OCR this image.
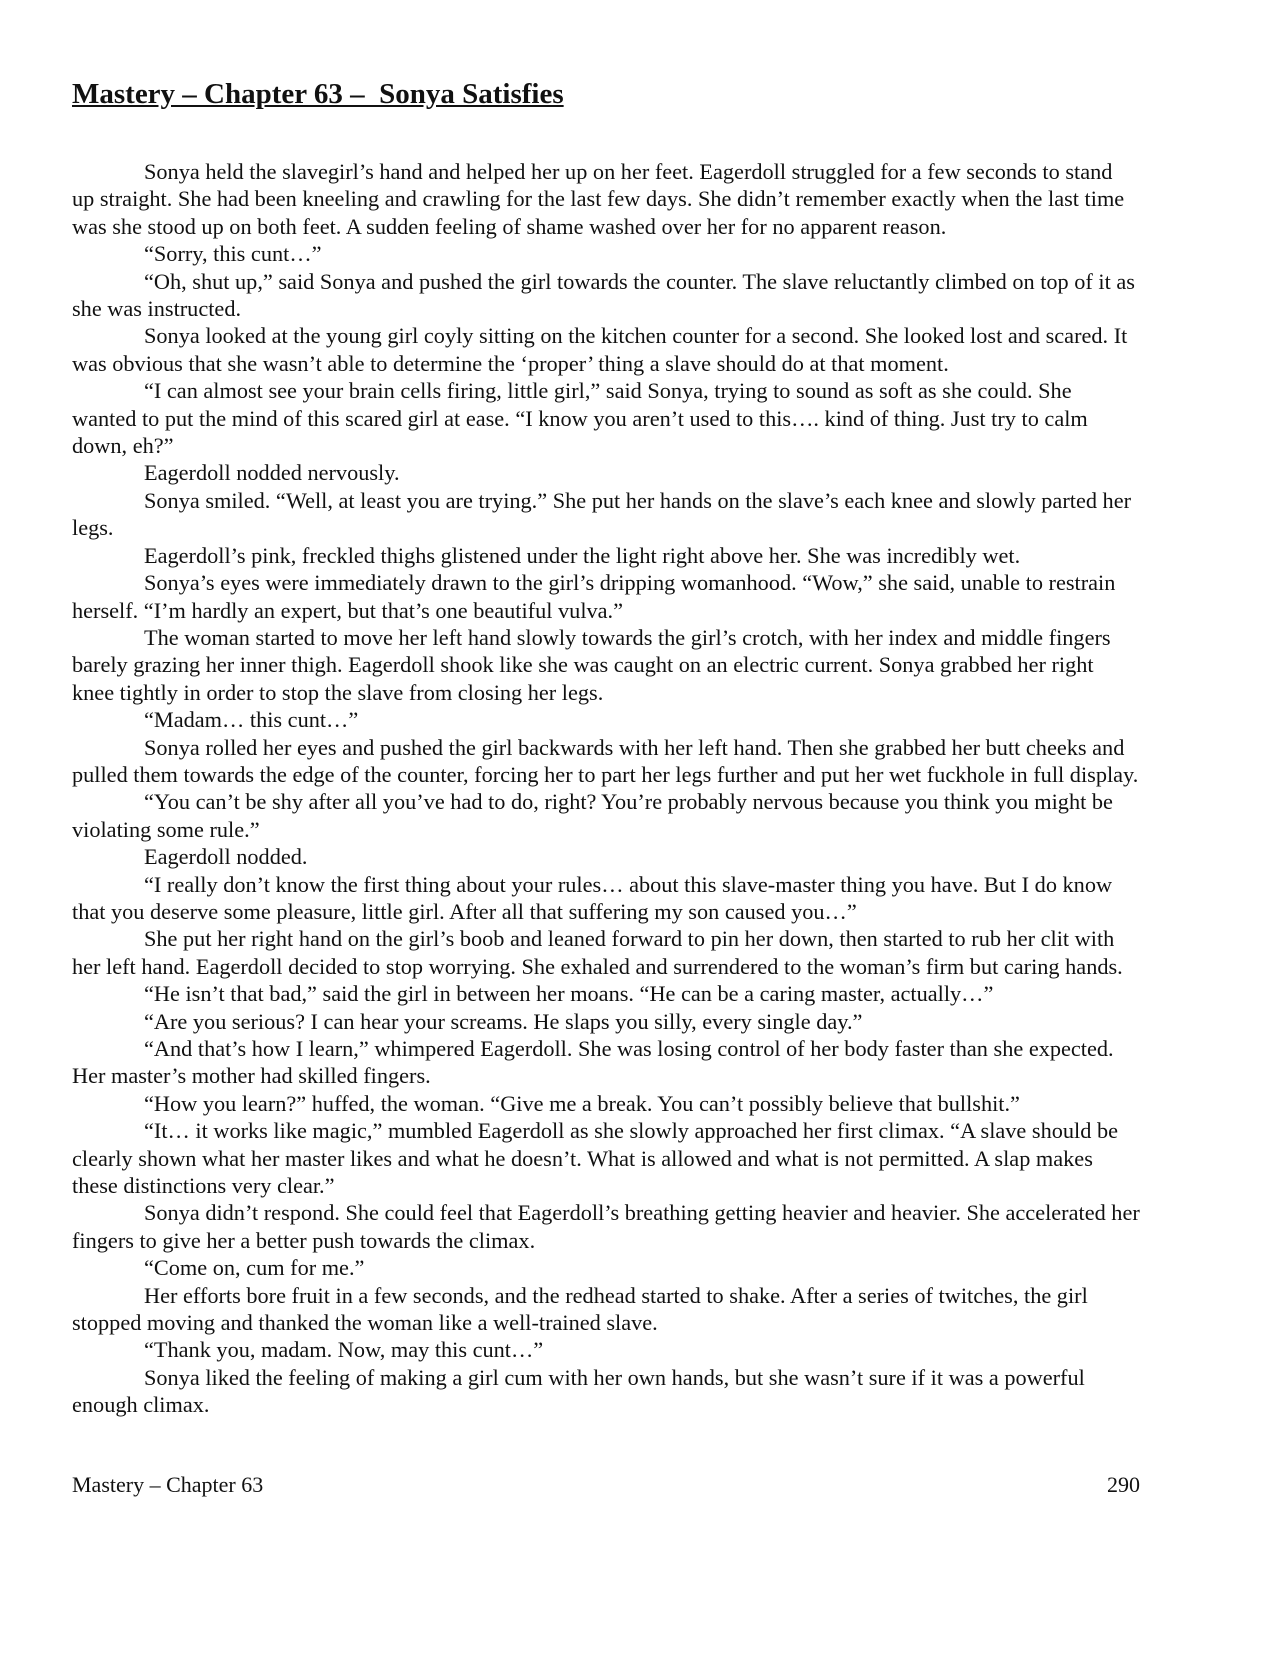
Mastery – Chapter 63 –  Sonya Satisfies

Sonya held the slavegirl’s hand and helped her up on her feet. Eagerdoll struggled for a few seconds to stand up straight. She had been kneeling and crawling for the last few days. She didn’t remember exactly when the last time was she stood up on both feet. A sudden feeling of shame washed over her for no apparent reason.

“Sorry, this cunt…”

“Oh, shut up,” said Sonya and pushed the girl towards the counter. The slave reluctantly climbed on top of it as she was instructed.

Sonya looked at the young girl coyly sitting on the kitchen counter for a second. She looked lost and scared. It was obvious that she wasn’t able to determine the ‘proper’ thing a slave should do at that moment.

“I can almost see your brain cells firing, little girl,” said Sonya, trying to sound as soft as she could. She wanted to put the mind of this scared girl at ease. “I know you aren’t used to this…. kind of thing. Just try to calm down, eh?”

Eagerdoll nodded nervously.

Sonya smiled. “Well, at least you are trying.” She put her hands on the slave’s each knee and slowly parted her legs.

Eagerdoll’s pink, freckled thighs glistened under the light right above her. She was incredibly wet.

Sonya’s eyes were immediately drawn to the girl’s dripping womanhood. “Wow,” she said, unable to restrain herself. “I’m hardly an expert, but that’s one beautiful vulva.”

The woman started to move her left hand slowly towards the girl’s crotch, with her index and middle fingers barely grazing her inner thigh. Eagerdoll shook like she was caught on an electric current. Sonya grabbed her right knee tightly in order to stop the slave from closing her legs.

“Madam… this cunt…”

Sonya rolled her eyes and pushed the girl backwards with her left hand. Then she grabbed her butt cheeks and pulled them towards the edge of the counter, forcing her to part her legs further and put her wet fuckhole in full display.

“You can’t be shy after all you’ve had to do, right? You’re probably nervous because you think you might be violating some rule.”

Eagerdoll nodded.

“I really don’t know the first thing about your rules… about this slave-master thing you have. But I do know that you deserve some pleasure, little girl. After all that suffering my son caused you…”

She put her right hand on the girl’s boob and leaned forward to pin her down, then started to rub her clit with her left hand. Eagerdoll decided to stop worrying. She exhaled and surrendered to the woman’s firm but caring hands.

“He isn’t that bad,” said the girl in between her moans. “He can be a caring master, actually…”

“Are you serious? I can hear your screams. He slaps you silly, every single day.”

“And that’s how I learn,” whimpered Eagerdoll. She was losing control of her body faster than she expected. Her master’s mother had skilled fingers.

“How you learn?” huffed, the woman. “Give me a break. You can’t possibly believe that bullshit.”

“It… it works like magic,” mumbled Eagerdoll as she slowly approached her first climax. “A slave should be clearly shown what her master likes and what he doesn’t. What is allowed and what is not permitted. A slap makes these distinctions very clear.”

Sonya didn’t respond. She could feel that Eagerdoll’s breathing getting heavier and heavier. She accelerated her fingers to give her a better push towards the climax.

“Come on, cum for me.”

Her efforts bore fruit in a few seconds, and the redhead started to shake. After a series of twitches, the girl stopped moving and thanked the woman like a well-trained slave.

“Thank you, madam. Now, may this cunt…”

Sonya liked the feeling of making a girl cum with her own hands, but she wasn’t sure if it was a powerful enough climax.

Mastery – Chapter 63	290
